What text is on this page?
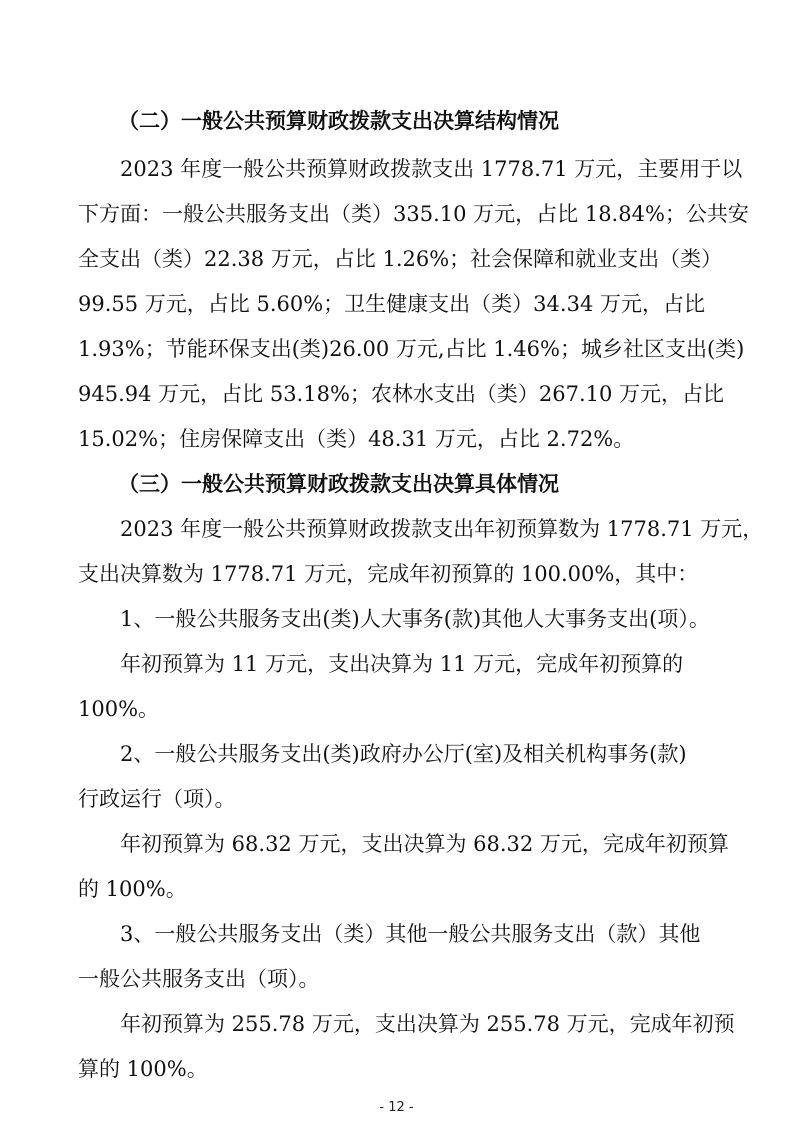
（二）一般公共预算财政拨款支出决算结构情况
2023 年度一般公共预算财政拨款支出 1778.71 万元，主要用于以
下方面：一般公共服务支出（类）335.10 万元，占比 18.84%；公共安
全支出（类）22.38 万元，占比 1.26%；社会保障和就业支出（类）
99.55 万元，占比 5.60%；卫生健康支出（类）34.34 万元，占比
1.93%；节能环保支出(类)26.00 万元,占比 1.46%；城乡社区支出(类)
945.94 万元，占比 53.18%；农林水支出（类）267.10 万元，占比
15.02%；住房保障支出（类）48.31 万元，占比 2.72%。
（三）一般公共预算财政拨款支出决算具体情况
2023 年度一般公共预算财政拨款支出年初预算数为 1778.71 万元，
支出决算数为 1778.71 万元，完成年初预算的 100.00%，其中：
1、一般公共服务支出(类)人大事务(款)其他人大事务支出(项）。
年初预算为 11 万元，支出决算为 11 万元，完成年初预算的
100%。
2、一般公共服务支出(类)政府办公厅(室)及相关机构事务(款)
行政运行（项）。
年初预算为 68.32 万元，支出决算为 68.32 万元，完成年初预算
的 100%。
3、一般公共服务支出（类）其他一般公共服务支出（款）其他
一般公共服务支出（项）。
年初预算为 255.78 万元，支出决算为 255.78 万元，完成年初预
算的 100%。
- 12 -
